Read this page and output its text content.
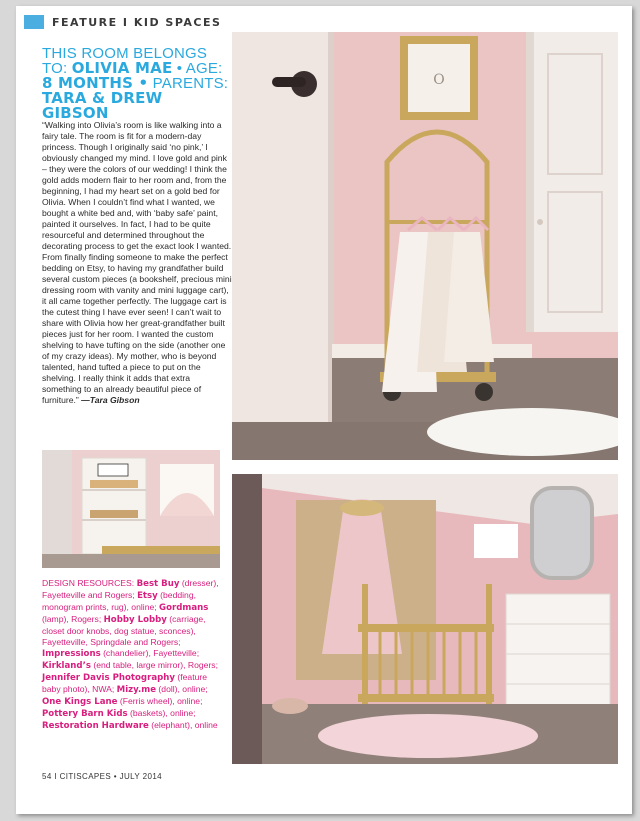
FEATURE I KID SPACES
THIS ROOM BELONGS TO: OLIVIA MAE • AGE: 8 MONTHS • PARENTS: TARA & DREW GIBSON
“Walking into Olivia’s room is like walking into a fairy tale. The room is fit for a modern-day princess. Though I originally said ‘no pink,’ I obviously changed my mind. I love gold and pink – they were the colors of our wedding! I think the gold adds modern flair to her room and, from the beginning, I had my heart set on a gold bed for Olivia. When I couldn’t find what I wanted, we bought a white bed and, with ‘baby safe’ paint, painted it ourselves. In fact, I had to be quite resourceful and determined throughout the decorating process to get the exact look I wanted. From finally finding someone to make the perfect bedding on Etsy, to having my grandfather build several custom pieces (a bookshelf, precious mini dressing room with vanity and mini luggage cart), it all came together perfectly. The luggage cart is the cutest thing I have ever seen! I can’t wait to share with Olivia how her great-grandfather built pieces just for her room. I wanted the custom shelving to have tufting on the side (another one of my crazy ideas). My mother, who is beyond talented, hand tufted a piece to put on the shelving. I really think it adds that extra something to an already beautiful piece of furniture.” —Tara Gibson
O
DESIGN RESOURCES: Best Buy (dresser), Fayetteville and Rogers; Etsy (bedding, monogram prints, rug), online; Gordmans (lamp), Rogers; Hobby Lobby (carriage, closet door knobs, dog statue, sconces), Fayetteville, Springdale and Rogers; Impressions (chandelier), Fayetteville; Kirkland’s (end table, large mirror), Rogers; Jennifer Davis Photography (feature baby photo), NWA; Mizy.me (doll), online; One Kings Lane (Ferris wheel), online; Pottery Barn Kids (baskets), online; Restoration Hardware (elephant), online
54 I CITISCAPES • JULY 2014
